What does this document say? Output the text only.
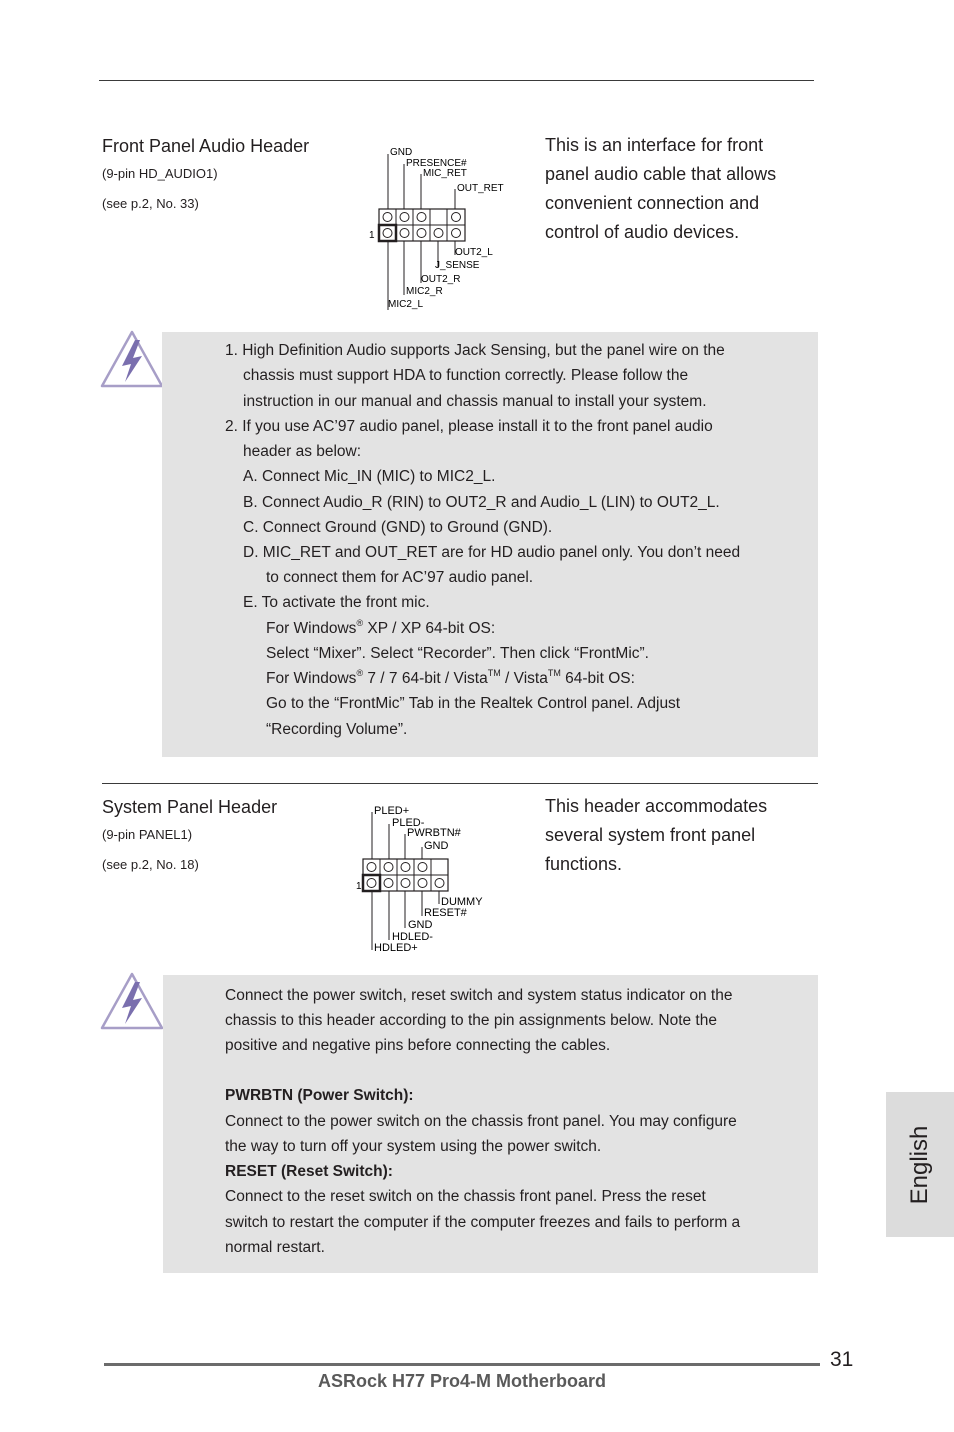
Front Panel Audio Header
(9-pin HD_AUDIO1)
(see p.2, No. 33)
GND
PRESENCE#
MIC_RET
OUT_RET
1
OUT2_L
J_SENSE
OUT2_R
MIC2_R
MIC2_L
This is an interface for front
panel audio cable that allows
convenient connection and
control of audio devices.
1. High Definition Audio supports Jack Sensing, but the panel wire on the
chassis must support HDA to function correctly. Please follow the
instruction in our manual and chassis manual to install your system.
2. If you use AC’97 audio panel, please install it to the front panel audio
header as below:
A. Connect Mic_IN (MIC) to MIC2_L.
B. Connect Audio_R (RIN) to OUT2_R and Audio_L (LIN) to OUT2_L.
C. Connect Ground (GND) to Ground (GND).
D. MIC_RET and OUT_RET are for HD audio panel only. You don’t need
to connect them for AC’97 audio panel.
E. To activate the front mic.
For Windows® XP / XP 64-bit OS:
Select “Mixer”. Select “Recorder”. Then click “FrontMic”.
For Windows® 7 / 7 64-bit / Vista™ / Vista™ 64-bit OS:
Go to the “FrontMic” Tab in the Realtek Control panel. Adjust
“Recording Volume”.
System Panel Header
(9-pin PANEL1)
(see p.2, No. 18)
PLED+
PLED-
PWRBTN#
GND
1
DUMMY
RESET#
GND
HDLED-
HDLED+
This header accommodates
several system front panel
functions.
Connect the power switch, reset switch and system status indicator on the
chassis to this header according to the pin assignments below. Note the
positive and negative pins before connecting the cables.
PWRBTN (Power Switch):
Connect to the power switch on the chassis front panel. You may configure
the way to turn off your system using the power switch.
RESET (Reset Switch):
Connect to the reset switch on the chassis front panel. Press the reset
switch to restart the computer if the computer freezes and fails to perform a
normal restart.
English
31
ASRock H77 Pro4-M Motherboard
